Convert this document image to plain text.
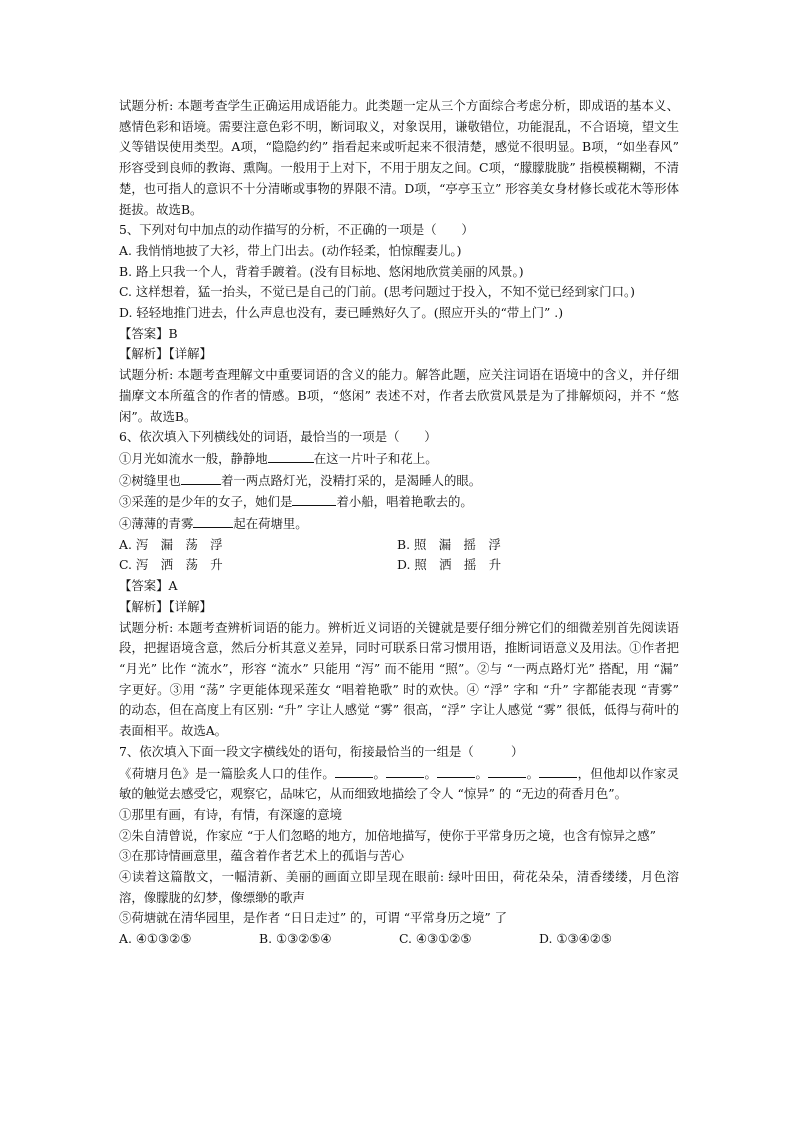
试题分析: 本题考查学生正确运用成语能力。此类题一定从三个方面综合考虑分析，即成语的基本义、感情色彩和语境。需要注意色彩不明，断词取义，对象误用，谦敬错位，功能混乱，不合语境，望文生义等错误使用类型。A项，“隐隐约约” 指看起来或听起来不很清楚，感觉不很明显。B项，“如坐春风” 形容受到良师的教诲、熏陶。一般用于上对下，不用于朋友之间。C项，“朦朦胧胧” 指模模糊糊，不清楚，也可指人的意识不十分清晰或事物的界限不清。D项，“亭亭玉立” 形容美女身材修长或花木等形体挺拔。故选B。

5、下列对句中加点的动作描写的分析，不正确的一项是（　　）

A. 我悄悄地披了大衫，带上门出去。(动作轻柔，怕惊醒妻儿。)

B. 路上只我一个人，背着手踱着。(没有目标地、悠闲地欣赏美丽的风景。)

C. 这样想着，猛一抬头，不觉已是自己的门前。(思考问题过于投入，不知不觉已经到家门口。)

D. 轻轻地推门进去，什么声息也没有，妻已睡熟好久了。(照应开头的“带上门” .)

【答案】B

【解析】【详解】

试题分析: 本题考查理解文中重要词语的含义的能力。解答此题，应关注词语在语境中的含义，并仔细揣摩文本所蕴含的作者的情感。B项，“悠闲” 表述不对，作者去欣赏风景是为了排解烦闷，并不 “悠闲”。故选B。

6、依次填入下列横线处的词语，最恰当的一项是（　　）

①月光如流水一般，静静地	在这一片叶子和花上。

②树缝里也	着一两点路灯光，没精打采的，是渴睡人的眼。

③采莲的是少年的女子，她们是	着小船，唱着艳歌去的。

④薄薄的青雾	起在荷塘里。

A. 泻　漏　荡　浮	B. 照　漏　摇　浮
C. 泻　洒　荡　升	D. 照　洒　摇　升

【答案】A

【解析】【详解】

试题分析: 本题考查辨析词语的能力。辨析近义词语的关键就是要仔细分辨它们的细微差别首先阅读语段，把握语境含意，然后分析其意义差异，同时可联系日常习惯用语，推断词语意义及用法。①作者把 “月光” 比作 “流水”，形容 “流水” 只能用 “泻” 而不能用 “照”。②与 “一两点路灯光” 搭配，用 “漏” 字更好。③用 “荡” 字更能体现采莲女 “唱着艳歌” 时的欢快。④ “浮” 字和 “升” 字都能表现 “青雾” 的动态，但在高度上有区别: “升” 字让人感觉 “雾” 很高，“浮” 字让人感觉 “雾” 很低，低得与荷叶的表面相平。故选A。

7、依次填入下面一段文字横线处的语句，衔接最恰当的一组是（　　　）

《荷塘月色》是一篇脍炙人口的佳作。	。	。	。	。	，但他却以作家灵敏的触觉去感受它，观察它，品味它，从而细致地描绘了令人 “惊异” 的 “无边的荷香月色”。

①那里有画，有诗，有情，有深邃的意境

②朱自清曾说，作家应 “于人们忽略的地方，加倍地描写，使你于平常身历之境，也含有惊异之感”

③在那诗情画意里，蕴含着作者艺术上的孤诣与苦心

④读着这篇散文，一幅清新、美丽的画面立即呈现在眼前: 绿叶田田，荷花朵朵，清香缕缕，月色溶溶，像朦胧的幻梦，像缥缈的歌声

⑤荷塘就在清华园里，是作者 “日日走过” 的，可谓 “平常身历之境” 了

A. ④①③②⑤	B. ①③②⑤④	C. ④③①②⑤	D. ①③④②⑤
